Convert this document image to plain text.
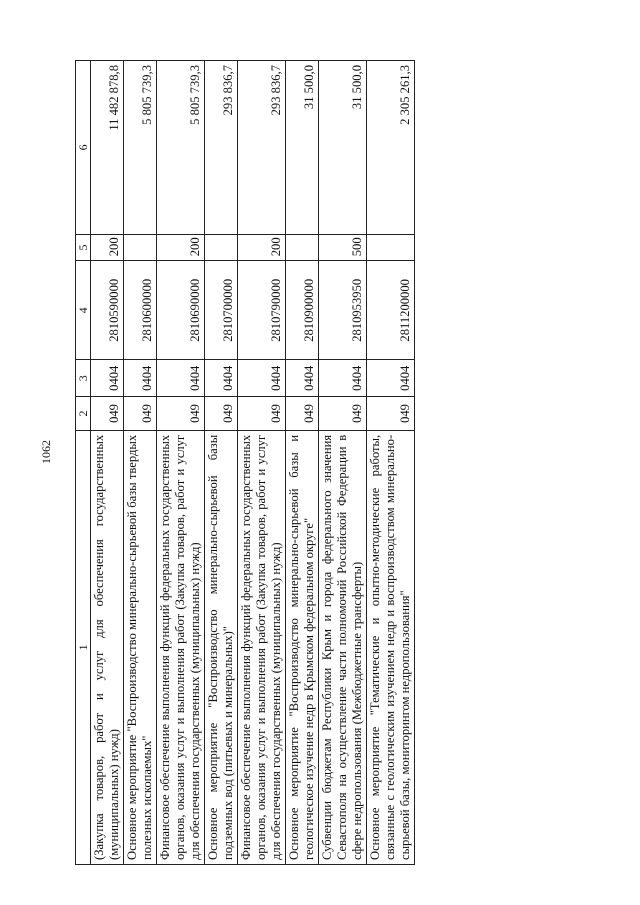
1062
1	2	3	4	5	6
(Закупка товаров, работ и услуг для обеспечения государственных (муниципальных) нужд)	049	0404	2810590000	200	11 482 878,8
Основное мероприятие "Воспроизводство минерально-сырьевой базы твердых полезных ископаемых"	049	0404	2810600000		5 805 739,3
Финансовое обеспечение выполнения функций федеральных государственных органов, оказания услуг и выполнения работ (Закупка товаров, работ и услуг для обеспечения государственных (муниципальных) нужд)	049	0404	2810690000	200	5 805 739,3
Основное мероприятие "Воспроизводство минерально-сырьевой базы подземных вод (питьевых и минеральных)"	049	0404	2810700000		293 836,7
Финансовое обеспечение выполнения функций федеральных государственных органов, оказания услуг и выполнения работ (Закупка товаров, работ и услуг для обеспечения государственных (муниципальных) нужд)	049	0404	2810790000	200	293 836,7
Основное мероприятие "Воспроизводство минерально-сырьевой базы и геологическое изучение недр в Крымском федеральном округе"	049	0404	2810900000		31 500,0
Субвенции бюджетам Республики Крым и города федерального значения Севастополя на осуществление части полномочий Российской Федерации в сфере недропользования (Межбюджетные трансферты)	049	0404	2810953950	500	31 500,0
Основное мероприятие "Тематические и опытно-методические работы, связанные с геологическим изучением недр и воспроизводством минерально-сырьевой базы, мониторингом недропользования"	049	0404	2811200000		2 305 261,3
